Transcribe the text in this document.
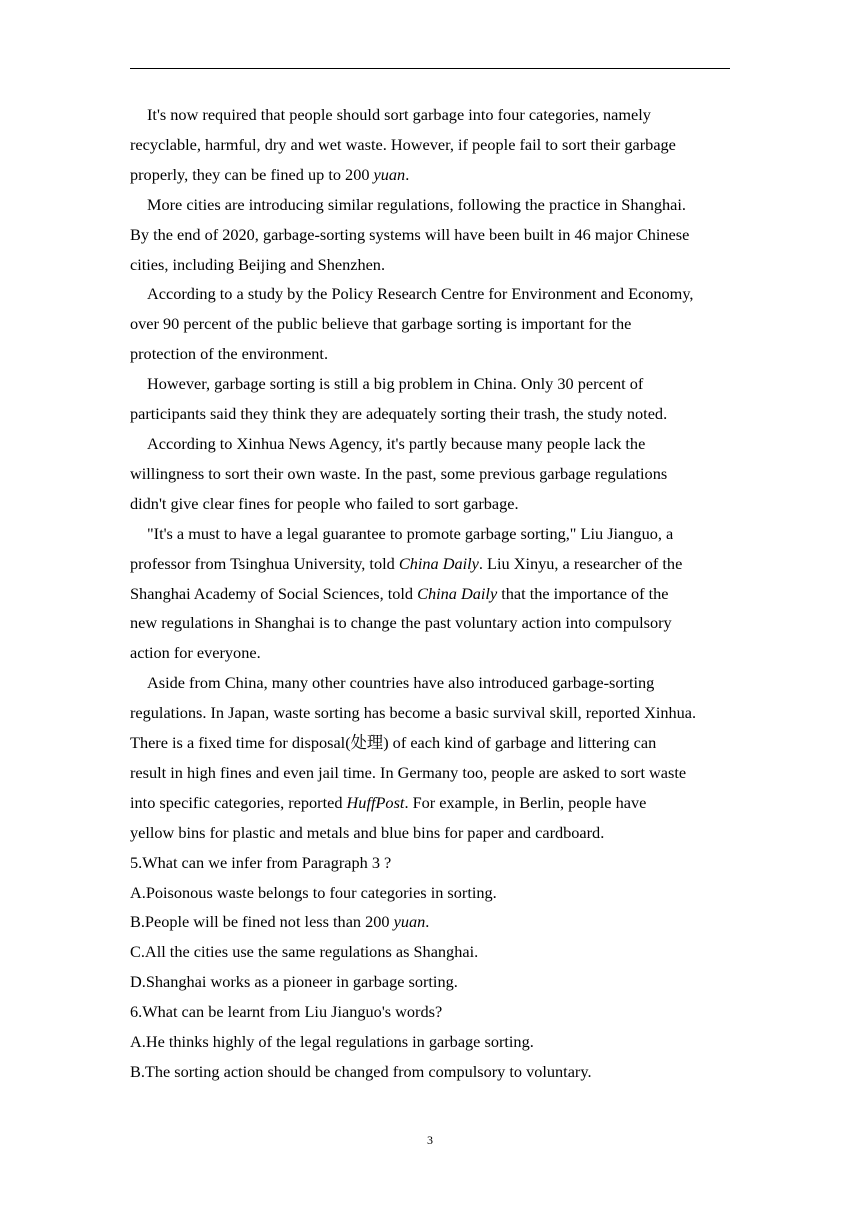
It's now required that people should sort garbage into four categories, namely
recyclable, harmful, dry and wet waste. However, if people fail to sort their garbage
properly, they can be fined up to 200 yuan.
More cities are introducing similar regulations, following the practice in Shanghai.
By the end of 2020, garbage-sorting systems will have been built in 46 major Chinese
cities, including Beijing and Shenzhen.
According to a study by the Policy Research Centre for Environment and Economy,
over 90 percent of the public believe that garbage sorting is important for the
protection of the environment.
However, garbage sorting is still a big problem in China. Only 30 percent of
participants said they think they are adequately sorting their trash, the study noted.
According to Xinhua News Agency, it's partly because many people lack the
willingness to sort their own waste. In the past, some previous garbage regulations
didn't give clear fines for people who failed to sort garbage.
"It's a must to have a legal guarantee to promote garbage sorting," Liu Jianguo, a
professor from Tsinghua University, told China Daily. Liu Xinyu, a researcher of the
Shanghai Academy of Social Sciences, told China Daily that the importance of the
new regulations in Shanghai is to change the past voluntary action into compulsory
action for everyone.
Aside from China, many other countries have also introduced garbage-sorting
regulations. In Japan, waste sorting has become a basic survival skill, reported Xinhua.
There is a fixed time for disposal(处理) of each kind of garbage and littering can
result in high fines and even jail time. In Germany too, people are asked to sort waste
into specific categories, reported HuffPost. For example, in Berlin, people have
yellow bins for plastic and metals and blue bins for paper and cardboard.
5.What can we infer from Paragraph 3 ?
A.Poisonous waste belongs to four categories in sorting.
B.People will be fined not less than 200 yuan.
C.All the cities use the same regulations as Shanghai.
D.Shanghai works as a pioneer in garbage sorting.
6.What can be learnt from Liu Jianguo's words?
A.He thinks highly of the legal regulations in garbage sorting.
B.The sorting action should be changed from compulsory to voluntary.
3
